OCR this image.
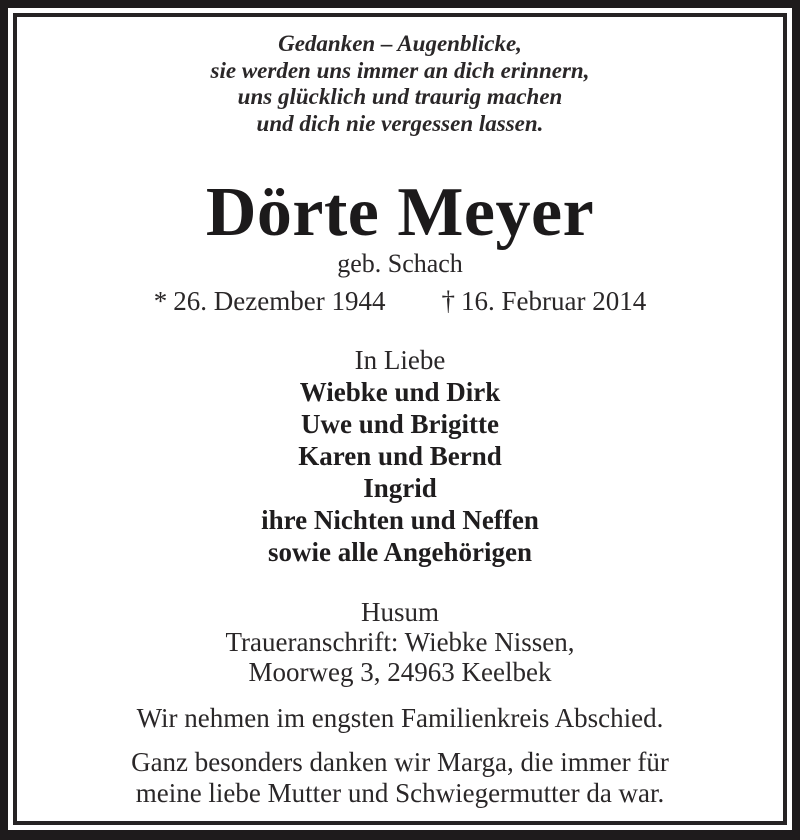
Gedanken – Augenblicke,
sie werden uns immer an dich erinnern,
uns glücklich und traurig machen
und dich nie vergessen lassen.
Dörte Meyer
geb. Schach
* 26. Dezember 1944 † 16. Februar 2014
In Liebe
Wiebke und Dirk
Uwe und Brigitte
Karen und Bernd
Ingrid
ihre Nichten und Neffen
sowie alle Angehörigen
Husum
Traueranschrift: Wiebke Nissen,
Moorweg 3, 24963 Keelbek
Wir nehmen im engsten Familienkreis Abschied.
Ganz besonders danken wir Marga, die immer für
meine liebe Mutter und Schwiegermutter da war.
